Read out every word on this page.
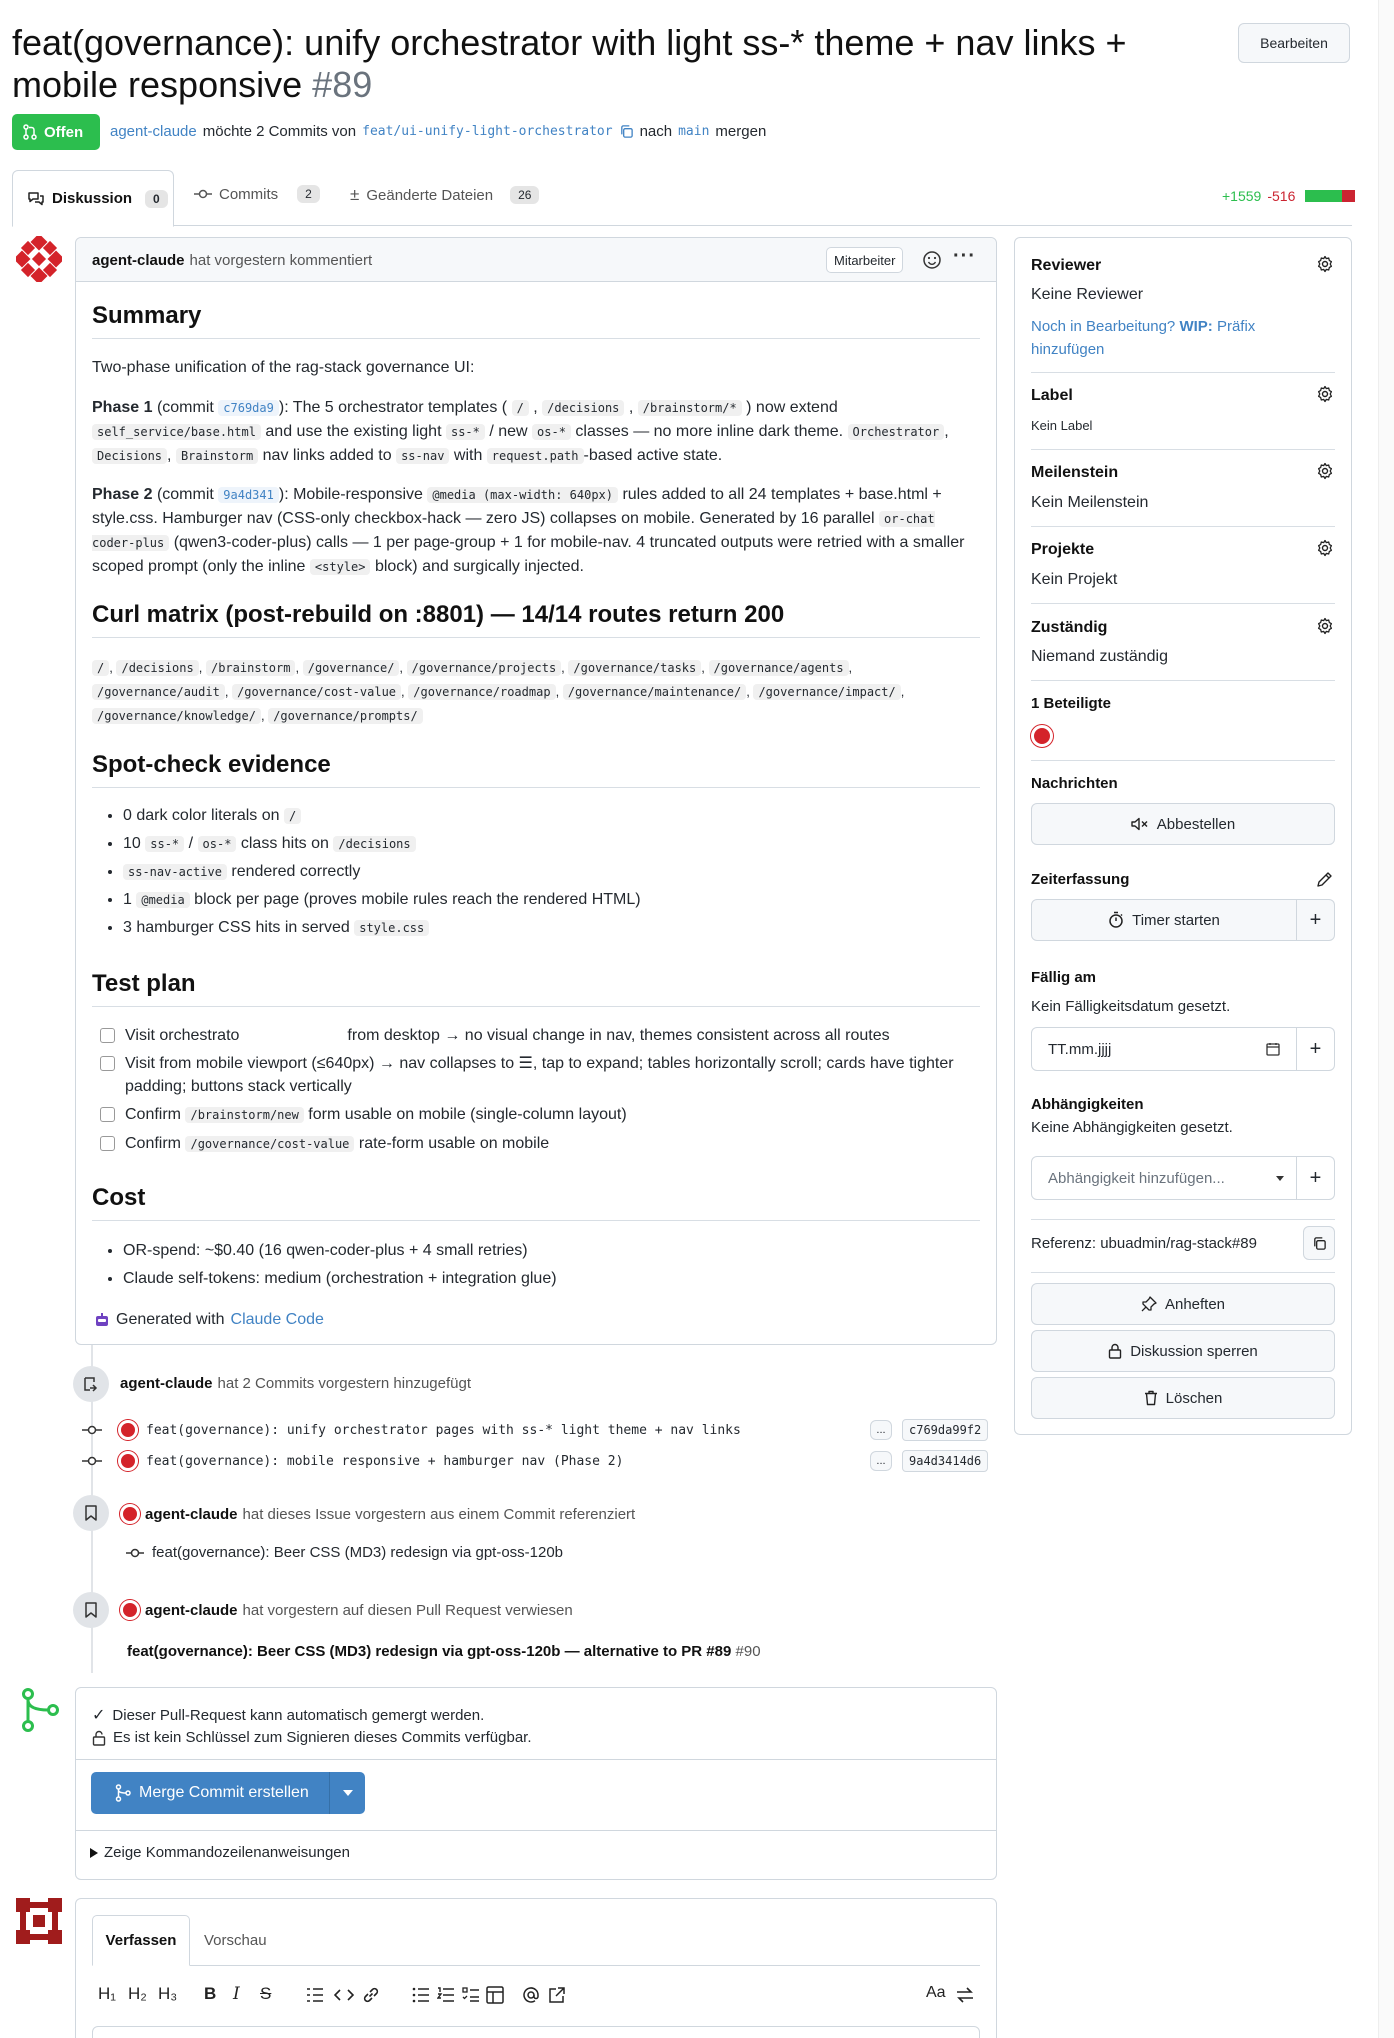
feat(governance): unify orchestrator with light ss-* theme + nav links +
mobile responsive #89
Bearbeiten
Offen agent-claude möchte 2 Commits von feat/ui-unify-light-orchestrator nach main mergen
Diskussion	0	Commits	2	± Geänderte Dateien	26	+1559 -516
agent-claude hat vorgestern kommentiert	Mitarbeiter	···
Summary
Two-phase unification of the rag-stack governance UI:
Phase 1 (commit c769da9 ): The 5 orchestrator templates ( / , /decisions , /brainstorm/* ) now extend self_service/base.html and use the existing light ss-* / new os-* classes — no more inline dark theme. Orchestrator , Decisions , Brainstorm nav links added to ss-nav with request.path -based active state.
Phase 2 (commit 9a4d341 ): Mobile-responsive @media (max-width: 640px) rules added to all 24 templates + base.html + style.css. Hamburger nav (CSS-only checkbox-hack — zero JS) collapses on mobile. Generated by 16 parallel or-chat coder-plus (qwen3-coder-plus) calls — 1 per page-group + 1 for mobile-nav. 4 truncated outputs were retried with a smaller scoped prompt (only the inline <style> block) and surgically injected.
Curl matrix (post-rebuild on :8801) — 14/14 routes return 200
/ , /decisions , /brainstorm , /governance/ , /governance/projects , /governance/tasks , /governance/agents , /governance/audit , /governance/cost-value , /governance/roadmap , /governance/maintenance/ , /governance/impact/ , /governance/knowledge/ , /governance/prompts/
Spot-check evidence
• 0 dark color literals on /
• 10 ss-* / os-* class hits on /decisions
• ss-nav-active rendered correctly
• 1 @media block per page (proves mobile rules reach the rendered HTML)
• 3 hamburger CSS hits in served style.css
Test plan
Visit orchestrato	from desktop → no visual change in nav, themes consistent across all routes
Visit from mobile viewport (≤640px) → nav collapses to ☰, tap to expand; tables horizontally scroll; cards have tighter padding; buttons stack vertically
Confirm /brainstorm/new form usable on mobile (single-column layout)
Confirm /governance/cost-value rate-form usable on mobile
Cost
• OR-spend: ~$0.40 (16 qwen-coder-plus + 4 small retries)
• Claude self-tokens: medium (orchestration + integration glue)
Generated with Claude Code
agent-claude hat 2 Commits vorgestern hinzugefügt
feat(governance): unify orchestrator pages with ss-* light theme + nav links	...	c769da99f2
feat(governance): mobile responsive + hamburger nav (Phase 2)	...	9a4d3414d6
agent-claude hat dieses Issue vorgestern aus einem Commit referenziert
feat(governance): Beer CSS (MD3) redesign via gpt-oss-120b
agent-claude hat vorgestern auf diesen Pull Request verwiesen
feat(governance): Beer CSS (MD3) redesign via gpt-oss-120b — alternative to PR #89 #90
✓ Dieser Pull-Request kann automatisch gemergt werden.
Es ist kein Schlüssel zum Signieren dieses Commits verfügbar.
Merge Commit erstellen
Zeige Kommandozeilenanweisungen
Verfassen	Vorschau
H₁ H₂ H₃ B I S	Aa
Reviewer
Keine Reviewer
Noch in Bearbeitung? WIP: Präfix hinzufügen
Label
Kein Label
Meilenstein
Kein Meilenstein
Projekte
Kein Projekt
Zuständig
Niemand zuständig
1 Beteiligte
Nachrichten
Abbestellen
Zeiterfassung
Timer starten	+
Fällig am
Kein Fälligkeitsdatum gesetzt.
TT.mm.jjjj	+
Abhängigkeiten
Keine Abhängigkeiten gesetzt.
Abhängigkeit hinzufügen...	+
Referenz: ubuadmin/rag-stack#89
Anheften
Diskussion sperren
Löschen
